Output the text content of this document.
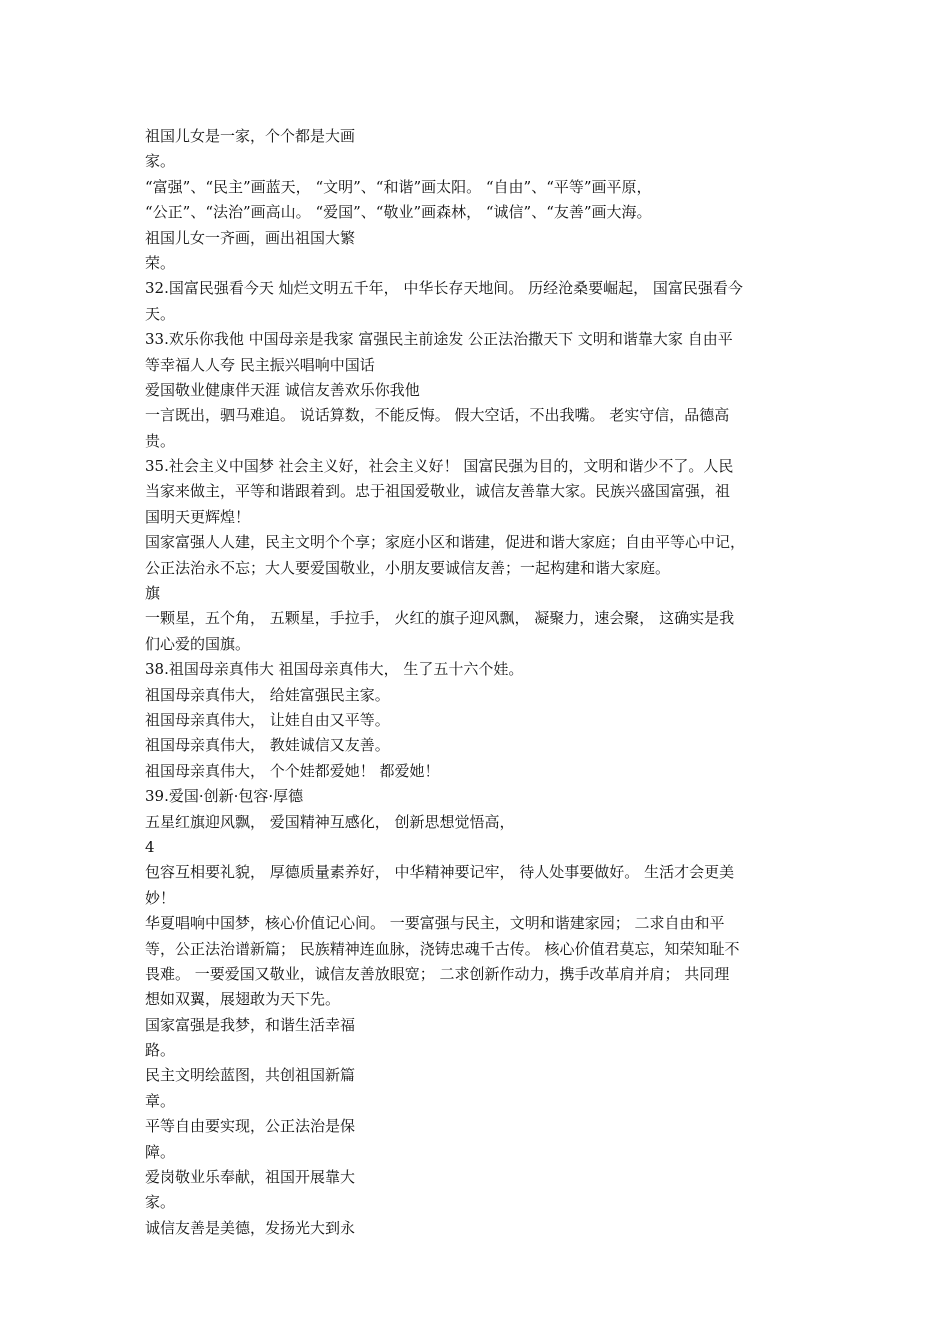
祖国儿女是一家，个个都是大画
家。
“富强”、“民主”画蓝天， “文明”、“和谐”画太阳。 “自由”、“平等”画平原，
“公正”、“法治”画高山。 “爱国”、“敬业”画森林， “诚信”、“友善”画大海。
祖国儿女一齐画，画出祖国大繁
荣。
32.国富民强看今天 灿烂文明五千年， 中华长存天地间。 历经沧桑要崛起， 国富民强看今
天。
33.欢乐你我他 中国母亲是我家 富强民主前途发 公正法治撒天下 文明和谐靠大家 自由平
等幸福人人夸 民主振兴唱响中国话
爱国敬业健康伴天涯 诚信友善欢乐你我他
一言既出，驷马难追。 说话算数，不能反悔。 假大空话，不出我嘴。 老实守信，品德高
贵。
35.社会主义中国梦 社会主义好，社会主义好！ 国富民强为目的，文明和谐少不了。人民
当家来做主，平等和谐跟着到。忠于祖国爱敬业，诚信友善靠大家。民族兴盛国富强，祖
国明天更辉煌！
国家富强人人建，民主文明个个享；家庭小区和谐建，促进和谐大家庭；自由平等心中记，
公正法治永不忘；大人要爱国敬业，小朋友要诚信友善；一起构建和谐大家庭。
旗
一颗星，五个角， 五颗星，手拉手， 火红的旗子迎风飘， 凝聚力，速会聚， 这确实是我
们心爱的国旗。
38.祖国母亲真伟大 祖国母亲真伟大， 生了五十六个娃。
祖国母亲真伟大， 给娃富强民主家。
祖国母亲真伟大， 让娃自由又平等。
祖国母亲真伟大， 教娃诚信又友善。
祖国母亲真伟大， 个个娃都爱她！ 都爱她！
39.爱国·创新·包容·厚德
五星红旗迎风飘， 爱国精神互感化， 创新思想觉悟高，
4
包容互相要礼貌， 厚德质量素养好， 中华精神要记牢， 待人处事要做好。 生活才会更美
妙！
华夏唱响中国梦，核心价值记心间。 一要富强与民主，文明和谐建家园； 二求自由和平
等，公正法治谱新篇； 民族精神连血脉，浇铸忠魂千古传。 核心价值君莫忘，知荣知耻不
畏难。 一要爱国又敬业，诚信友善放眼宽； 二求创新作动力，携手改革肩并肩； 共同理
想如双翼，展翅敢为天下先。
国家富强是我梦，和谐生活幸福
路。
民主文明绘蓝图，共创祖国新篇
章。
平等自由要实现，公正法治是保
障。
爱岗敬业乐奉献，祖国开展靠大
家。
诚信友善是美德，发扬光大到永
